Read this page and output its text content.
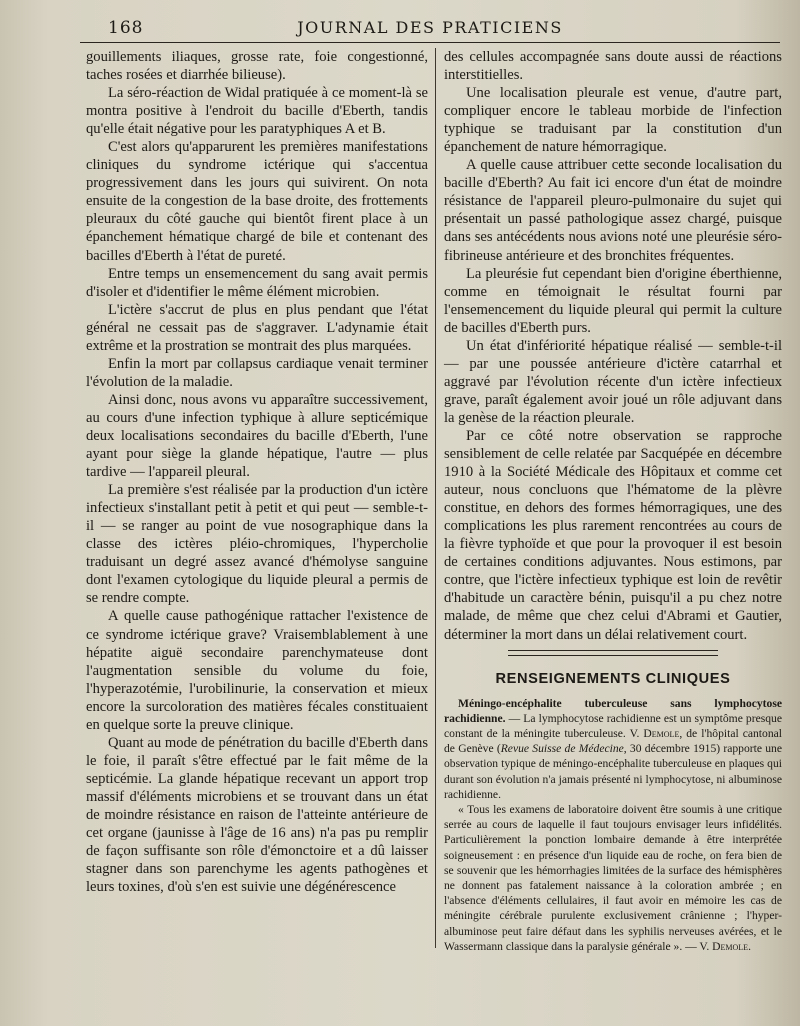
168	JOURNAL DES PRATICIENS

gouillements iliaques, grosse rate, foie congestionné, taches rosées et diarrhée bilieuse).

La séro-réaction de Widal pratiquée à ce moment-là se montra positive à l'endroit du bacille d'Eberth, tandis qu'elle était négative pour les paratyphiques A et B.

C'est alors qu'apparurent les premières manifestations cliniques du syndrome ictérique qui s'accentua progressivement dans les jours qui suivirent. On nota ensuite de la congestion de la base droite, des frottements pleuraux du côté gauche qui bientôt firent place à un épanchement hématique chargé de bile et contenant des bacilles d'Eberth à l'état de pureté.

Entre temps un ensemencement du sang avait permis d'isoler et d'identifier le même élément microbien.

L'ictère s'accrut de plus en plus pendant que l'état général ne cessait pas de s'aggraver. L'adynamie était extrême et la prostration se montrait des plus marquées.

Enfin la mort par collapsus cardiaque venait terminer l'évolution de la maladie.

Ainsi donc, nous avons vu apparaître successivement, au cours d'une infection typhique à allure septicémique deux localisations secondaires du bacille d'Eberth, l'une ayant pour siège la glande hépatique, l'autre — plus tardive — l'appareil pleural.

La première s'est réalisée par la production d'un ictère infectieux s'installant petit à petit et qui peut — semble-t-il — se ranger au point de vue nosographique dans la classe des ictères pléio-chromiques, l'hypercholie traduisant un degré assez avancé d'hémolyse sanguine dont l'examen cytologique du liquide pleural a permis de se rendre compte.

A quelle cause pathogénique rattacher l'existence de ce syndrome ictérique grave? Vraisemblablement à une hépatite aiguë secondaire parenchymateuse dont l'augmentation sensible du volume du foie, l'hyperazotémie, l'urobilinurie, la conservation et mieux encore la surcoloration des matières fécales constituaient en quelque sorte la preuve clinique.

Quant au mode de pénétration du bacille d'Eberth dans le foie, il paraît s'être effectué par le fait même de la septicémie. La glande hépatique recevant un apport trop massif d'éléments microbiens et se trouvant dans un état de moindre résistance en raison de l'atteinte antérieure de cet organe (jaunisse à l'âge de 16 ans) n'a pas pu remplir de façon suffisante son rôle d'émonctoire et a dû laisser stagner dans son parenchyme les agents pathogènes et leurs toxines, d'où s'en est suivie une dégénérescence

des cellules accompagnée sans doute aussi de réactions interstitielles.

Une localisation pleurale est venue, d'autre part, compliquer encore le tableau morbide de l'infection typhique se traduisant par la constitution d'un épanchement de nature hémorragique.

A quelle cause attribuer cette seconde localisation du bacille d'Eberth? Au fait ici encore d'un état de moindre résistance de l'appareil pleuro-pulmonaire du sujet qui présentait un passé pathologique assez chargé, puisque dans ses antécédents nous avions noté une pleurésie séro-fibrineuse antérieure et des bronchites fréquentes.

La pleurésie fut cependant bien d'origine éberthienne, comme en témoignait le résultat fourni par l'ensemencement du liquide pleural qui permit la culture de bacilles d'Eberth purs.

Un état d'infériorité hépatique réalisé — semble-t-il — par une poussée antérieure d'ictère catarrhal et aggravé par l'évolution récente d'un ictère infectieux grave, paraît également avoir joué un rôle adjuvant dans la genèse de la réaction pleurale.

Par ce côté notre observation se rapproche sensiblement de celle relatée par Sacquépée en décembre 1910 à la Société Médicale des Hôpitaux et comme cet auteur, nous concluons que l'hématome de la plèvre constitue, en dehors des formes hémorragiques, une des complications les plus rarement rencontrées au cours de la fièvre typhoïde et que pour la provoquer il est besoin de certaines conditions adjuvantes. Nous estimons, par contre, que l'ictère infectieux typhique est loin de revêtir d'habitude un caractère bénin, puisqu'il a pu chez notre malade, de même que chez celui d'Abrami et Gautier, déterminer la mort dans un délai relativement court.

RENSEIGNEMENTS CLINIQUES

Méningo-encéphalite tuberculeuse sans lymphocytose rachidienne. — La lymphocytose rachidienne est un symptôme presque constant de la méningite tuberculeuse. V. Demole, de l'hôpital cantonal de Genève (Revue Suisse de Médecine, 30 décembre 1915) rapporte une observation typique de méningo-encéphalite tuberculeuse en plaques qui durant son évolution n'a jamais présenté ni lymphocytose, ni albuminose rachidienne.

« Tous les examens de laboratoire doivent être soumis à une critique serrée au cours de laquelle il faut toujours envisager leurs infidélités. Particulièrement la ponction lombaire demande à être interprétée soigneusement : en présence d'un liquide eau de roche, on fera bien de se souvenir que les hémorrhagies limitées de la surface des hémisphères ne donnent pas fatalement naissance à la coloration ambrée ; en l'absence d'éléments cellulaires, il faut avoir en mémoire les cas de méningite cérébrale purulente exclusivement crânienne ; l'hyper-albuminose peut faire défaut dans les syphilis nerveuses avérées, et le Wassermann classique dans la paralysie générale ». — V. Demole.
